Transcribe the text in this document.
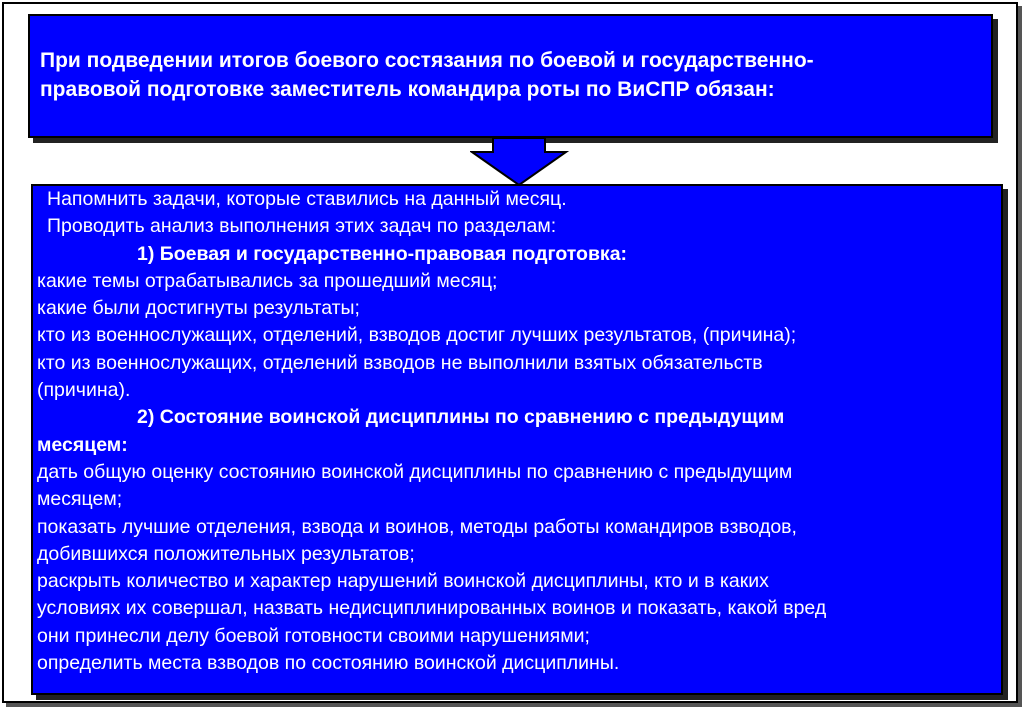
При подведении итогов боевого состязания по боевой и государственно-
правовой подготовке заместитель командира роты по ВиСПР обязан:
Напомнить задачи, которые ставились на данный месяц.
Проводить анализ выполнения этих задач по разделам:
1) Боевая и государственно-правовая подготовка:
какие темы отрабатывались за прошедший месяц;
какие были достигнуты результаты;
кто из военнослужащих, отделений, взводов достиг лучших результатов, (причина);
кто из военнослужащих, отделений взводов не выполнили взятых обязательств
(причина).
2) Состояние воинской дисциплины по сравнению с предыдущим
месяцем:
дать общую оценку состоянию воинской дисциплины по сравнению с предыдущим
месяцем;
показать лучшие отделения, взвода и воинов, методы работы командиров взводов,
добившихся положительных результатов;
раскрыть количество и характер нарушений воинской дисциплины, кто и в каких
условиях их совершал, назвать недисциплинированных воинов и показать, какой вред
они принесли делу боевой готовности своими нарушениями;
определить места взводов по состоянию воинской дисциплины.
